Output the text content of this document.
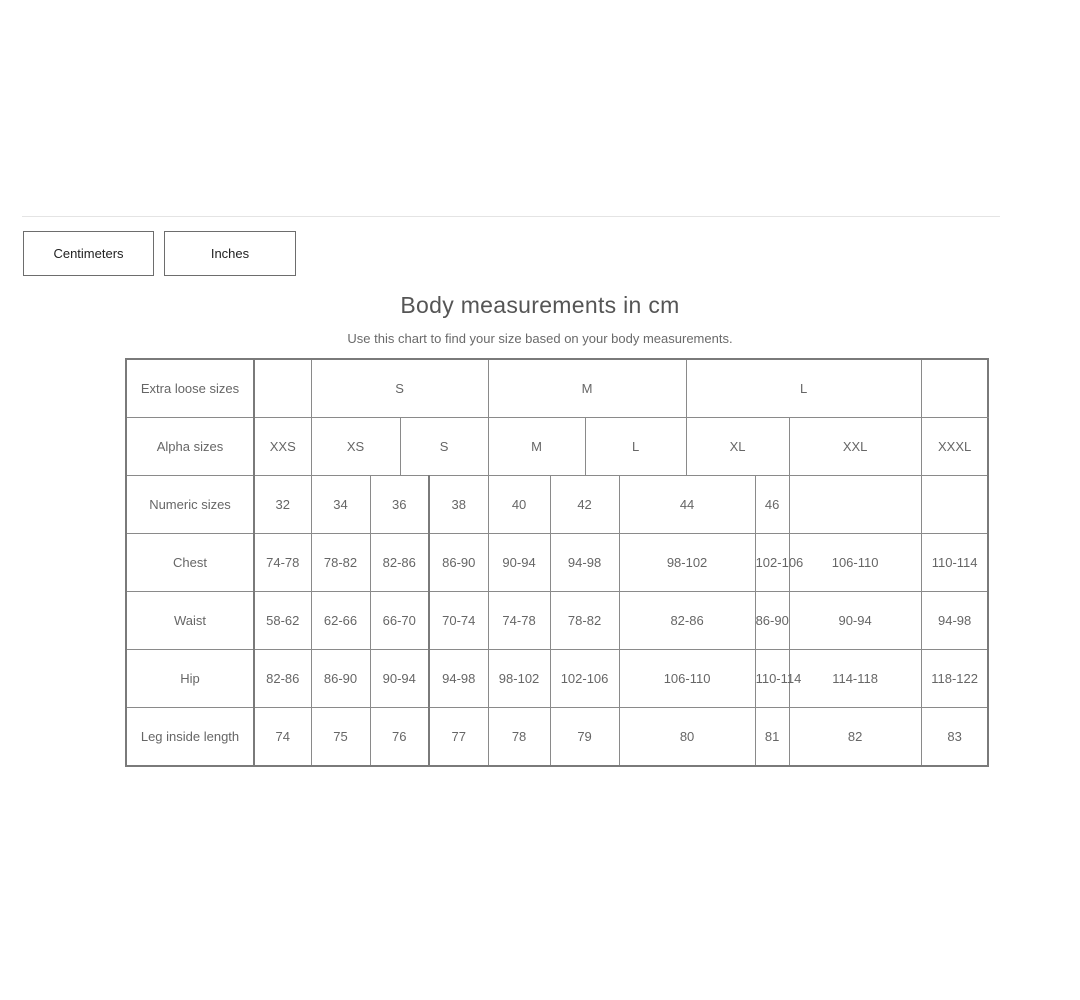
Centimeters	Inches
Body measurements in cm
Use this chart to find your size based on your body measurements.
Extra loose sizes		S				M				L				
Alpha sizes	XXS	XS		S		M		L		XL		XXL	XXXL	
Numeric sizes	32	34	36		38	40	42		44		46			
Chest	74-78	78-82	82-86		86-90	90-94	94-98		98-102		102-106	106-110	110-114	
Waist	58-62	62-66	66-70		70-74	74-78	78-82		82-86		86-90	90-94	94-98	
Hip	82-86	86-90	90-94		94-98	98-102	102-106		106-110		110-114	114-118	118-122	
Leg inside length	74	75	76		77	78	79		80		81	82	83	
